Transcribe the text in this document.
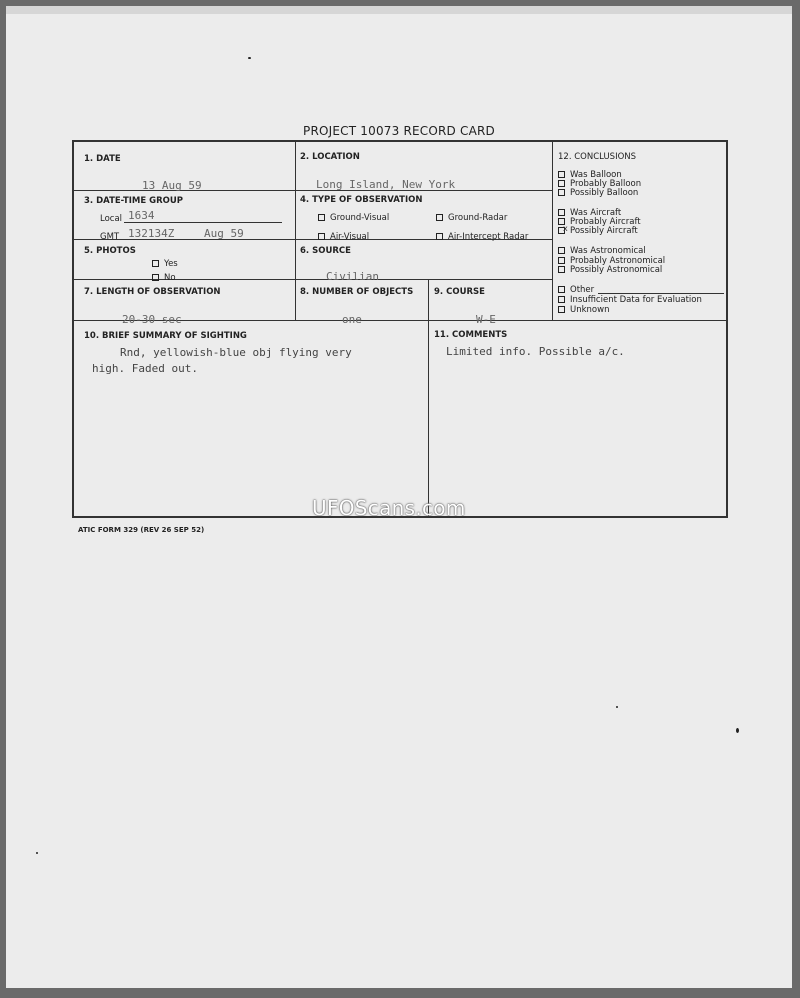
PROJECT 10073 RECORD CARD
1. DATE
13 Aug 59
2. LOCATION
Long Island, New York
3. DATE-TIME GROUP
Local 1634
GMT 132134Z	Aug 59
4. TYPE OF OBSERVATION
Ground-Visual	Ground-Radar
Air-Visual	Air-Intercept Radar
5. PHOTOS
Yes
No
6. SOURCE
Civilian
7. LENGTH OF OBSERVATION
20-30 sec
8. NUMBER OF OBJECTS
one
9. COURSE
W-E
10. BRIEF SUMMARY OF SIGHTING
Rnd, yellowish-blue obj flying very
high. Faded out.
11. COMMENTS
Limited info. Possible a/c.
12. CONCLUSIONS
Was Balloon
Probably Balloon
Possibly Balloon
Was Aircraft
Probably Aircraft
xPossibly Aircraft
Was Astronomical
Probably Astronomical
Possibly Astronomical
Other
Insufficient Data for Evaluation
Unknown
ATIC FORM 329 (REV 26 SEP 52)
UFOScans.com
